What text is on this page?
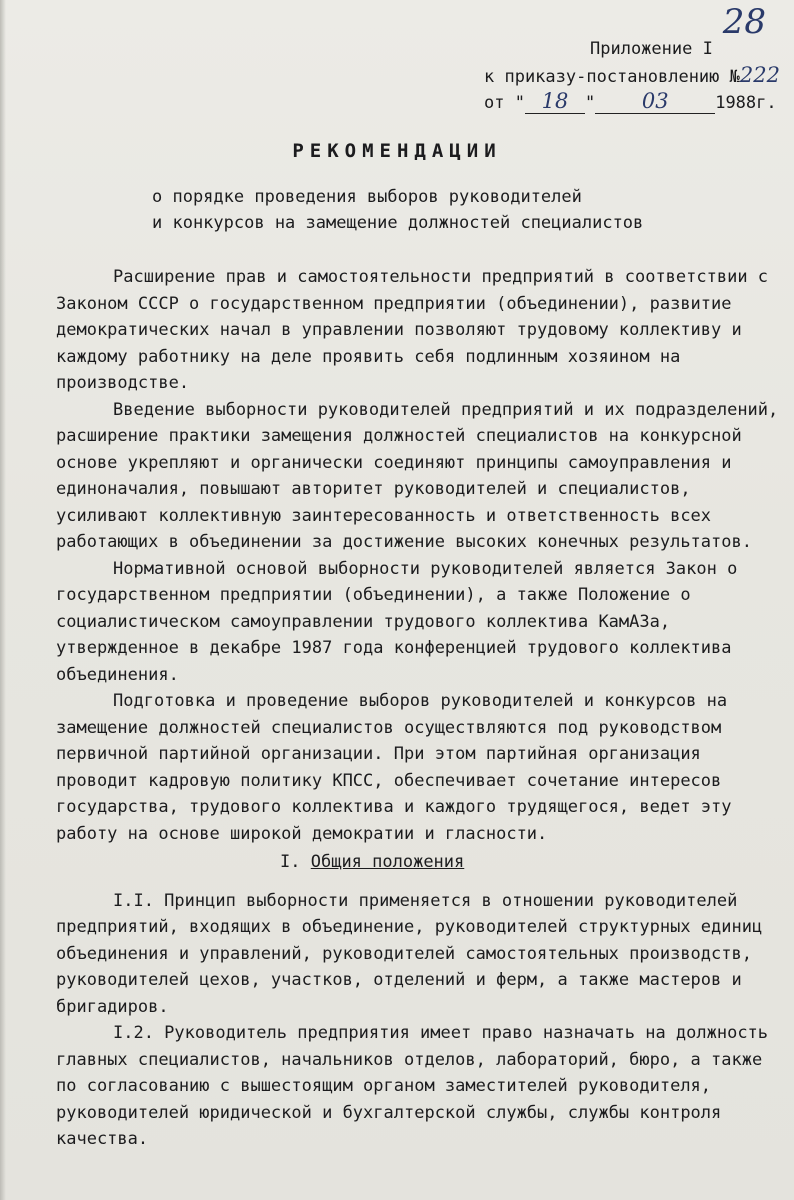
28
Приложение I
к приказу-постановлению №222
от " 18 " 03	1988г.
РЕКОМЕНДАЦИИ
о порядке проведения выборов руководителей
и конкурсов на замещение должностей специалистов

Расширение прав и самостоятельности предприятий в соответствии с Законом СССР о государственном предприятии (объединении), развитие демократических начал в управлении позволяют трудовому коллективу и каждому работнику на деле проявить себя подлинным хозяином на производстве.

Введение выборности руководителей предприятий и их подразделений, расширение практики замещения должностей специалистов на конкурсной основе укрепляют и органически соединяют принципы самоуправления и единоначалия, повышают авторитет руководителей и специалистов, усиливают коллективную заинтересованность и ответственность всех работающих в объединении за достижение высоких конечных результатов.

Нормативной основой выборности руководителей является Закон о государственном предприятии (объединении), а также Положение о социалистическом самоуправлении трудового коллектива КамАЗа, утвержденное в декабре 1987 года конференцией трудового коллектива объединения.

Подготовка и проведение выборов руководителей и конкурсов на замещение должностей специалистов осуществляются под руководством первичной партийной организации. При этом партийная организация проводит кадровую политику КПСС, обеспечивает сочетание интересов государства, трудового коллектива и каждого трудящегося, ведет эту работу на основе широкой демократии и гласности.

I. Общия положения

I.I. Принцип выборности применяется в отношении руководителей предприятий, входящих в объединение, руководителей структурных единиц объединения и управлений, руководителей самостоятельных производств, руководителей цехов, участков, отделений и ферм, а также мастеров и бригадиров.

I.2. Руководитель предприятия имеет право назначать на должность главных специалистов, начальников отделов, лабораторий, бюро, а также по согласованию с вышестоящим органом заместителей руководителя, руководителей юридической и бухгалтерской службы, службы контроля качества.
